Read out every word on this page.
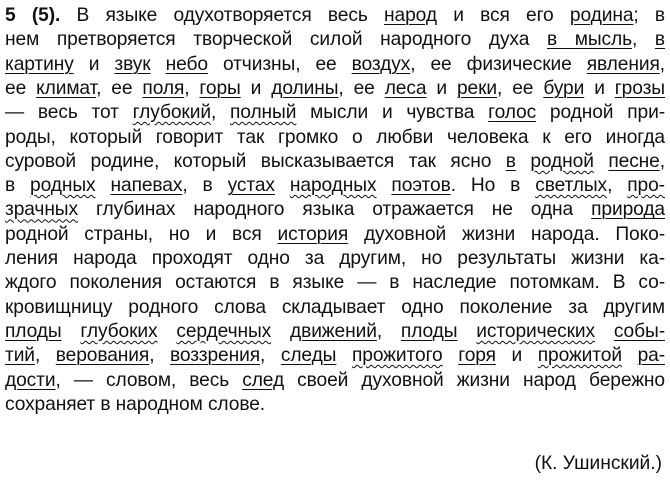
5 (5). В языке одухотворяется весь народ и вся его родина; в
нем претворяется творческой силой народного духа в мысль, в
картину и звук небо отчизны, ее воздух, ее физические явления,
ее климат, ее поля, горы и долины, ее леса и реки, ее бури и грозы
— весь тот глубокий, полный мысли и чувства голос родной при-
роды, который говорит так громко о любви человека к его иногда
суровой родине, который высказывается так ясно в родной песне,
в родных напевах, в устах народных поэтов. Но в светлых, про-
зрачных глубинах народного языка отражается не одна природа
родной страны, но и вся история духовной жизни народа. Поко-
ления народа проходят одно за другим, но результаты жизни ка-
ждого поколения остаются в языке — в наследие потомкам. В со-
кровищницу родного слова складывает одно поколение за другим
плоды глубоких сердечных движений, плоды исторических собы-
тий, верования, воззрения, следы прожитого горя и прожитой ра-
дости, — словом, весь след своей духовной жизни народ бережно
сохраняет в народном слове.
(К. Ушинский.)
